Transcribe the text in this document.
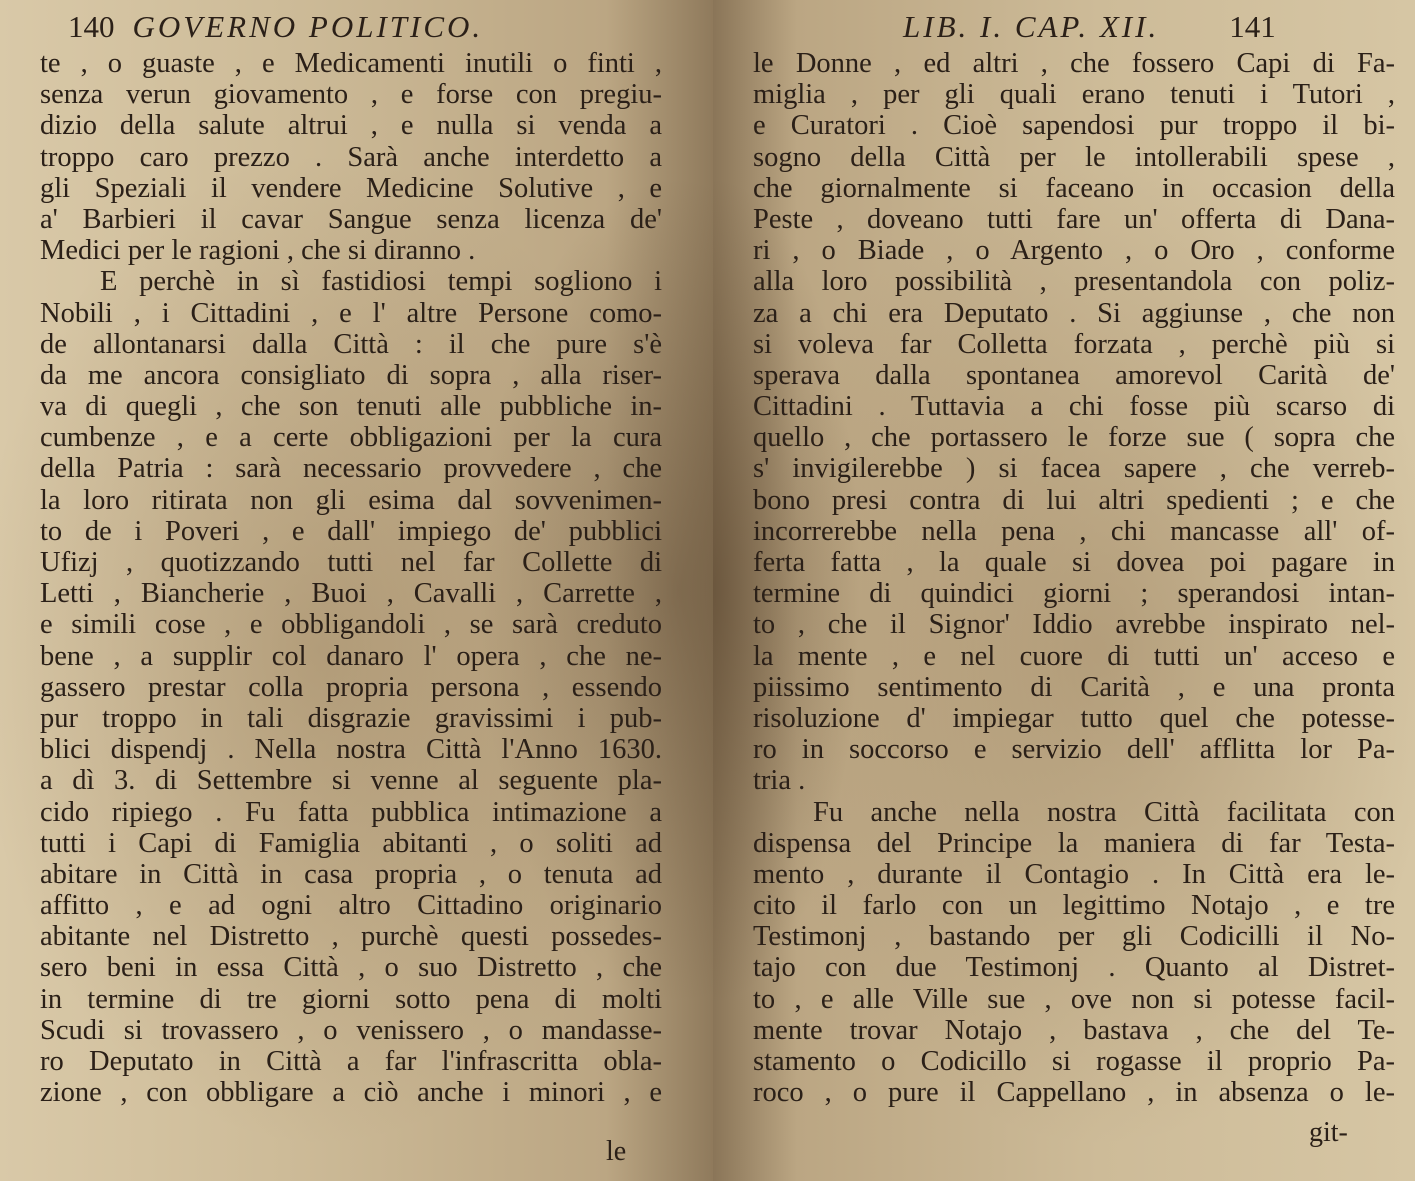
140 GOVERNO POLITICO.
te , o guaste , e Medicamenti inutili o finti ,
senza verun giovamento , e forse con pregiu-
dizio della salute altrui , e nulla si venda a
troppo caro prezzo . Sarà anche interdetto a
gli Speziali il vendere Medicine Solutive , e
a' Barbieri il cavar Sangue senza licenza de'
Medici per le ragioni , che si diranno .
E perchè in sì fastidiosi tempi sogliono i
Nobili , i Cittadini , e l' altre Persone como-
de allontanarsi dalla Città : il che pure s'è
da me ancora consigliato di sopra , alla riser-
va di quegli , che son tenuti alle pubbliche in-
cumbenze , e a certe obbligazioni per la cura
della Patria : sarà necessario provvedere , che
la loro ritirata non gli esima dal sovvenimen-
to de i Poveri , e dall' impiego de' pubblici
Ufizj , quotizzando tutti nel far Collette di
Letti , Biancherie , Buoi , Cavalli , Carrette ,
e simili cose , e obbligandoli , se sarà creduto
bene , a supplir col danaro l' opera , che ne-
gassero prestar colla propria persona , essendo
pur troppo in tali disgrazie gravissimi i pub-
blici dispendj . Nella nostra Città l'Anno 1630.
a dì 3. di Settembre si venne al seguente pla-
cido ripiego . Fu fatta pubblica intimazione a
tutti i Capi di Famiglia abitanti , o soliti ad
abitare in Città in casa propria , o tenuta ad
affitto , e ad ogni altro Cittadino originario
abitante nel Distretto , purchè questi possedes-
sero beni in essa Città , o suo Distretto , che
in termine di tre giorni sotto pena di molti
Scudi si trovassero , o venissero , o mandasse-
ro Deputato in Città a far l'infrascritta obla-
zione , con obbligare a ciò anche i minori , e
le
LIB. I. CAP. XII. 141
le Donne , ed altri , che fossero Capi di Fa-
miglia , per gli quali erano tenuti i Tutori ,
e Curatori . Cioè sapendosi pur troppo il bi-
sogno della Città per le intollerabili spese ,
che giornalmente si faceano in occasion della
Peste , doveano tutti fare un' offerta di Dana-
ri , o Biade , o Argento , o Oro , conforme
alla loro possibilità , presentandola con poliz-
za a chi era Deputato . Si aggiunse , che non
si voleva far Colletta forzata , perchè più si
sperava dalla spontanea amorevol Carità de'
Cittadini . Tuttavia a chi fosse più scarso di
quello , che portassero le forze sue ( sopra che
s' invigilerebbe ) si facea sapere , che verreb-
bono presi contra di lui altri spedienti ; e che
incorrerebbe nella pena , chi mancasse all' of-
ferta fatta , la quale si dovea poi pagare in
termine di quindici giorni ; sperandosi intan-
to , che il Signor' Iddio avrebbe inspirato nel-
la mente , e nel cuore di tutti un' acceso e
piissimo sentimento di Carità , e una pronta
risoluzione d' impiegar tutto quel che potesse-
ro in soccorso e servizio dell' afflitta lor Pa-
tria .
Fu anche nella nostra Città facilitata con
dispensa del Principe la maniera di far Testa-
mento , durante il Contagio . In Città era le-
cito il farlo con un legittimo Notajo , e tre
Testimonj , bastando per gli Codicilli il No-
tajo con due Testimonj . Quanto al Distret-
to , e alle Ville sue , ove non si potesse facil-
mente trovar Notajo , bastava , che del Te-
stamento o Codicillo si rogasse il proprio Pa-
roco , o pure il Cappellano , in absenza o le-
git-
